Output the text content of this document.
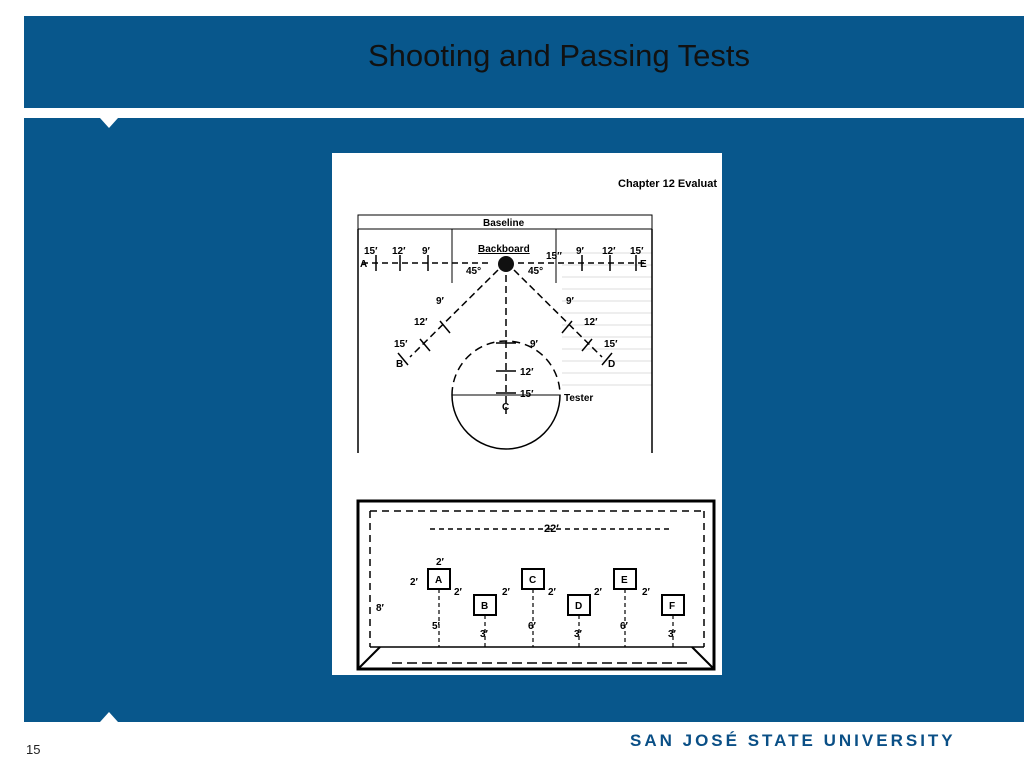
Shooting and Passing Tests
Chapter 12 Evaluat
Baseline
15′ 12′ 9′	9′ 12′ 15′
15″
A	E
Backboard
45°	45°
9′
12′
15′
B
9′
12′
15′
D
9′
12′
15′
C
Tester
22′
2′
2′
8′
A
B
C
D
E
F
5′
3′
6′
3′
6′
3′
2′	2′	2′	2′	2′
15	SAN JOSÉ STATE UNIVERSITY
